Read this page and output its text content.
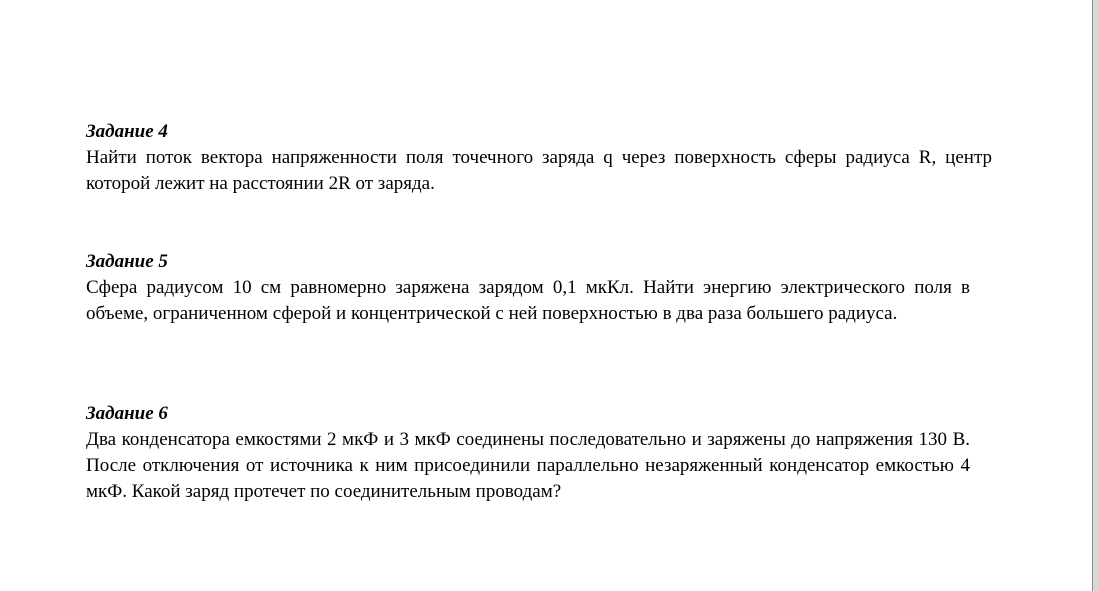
Задание 4
Найти поток вектора напряженности поля точечного заряда q через поверхность сферы радиуса R, центр которой лежит на расстоянии 2R от заряда.
Задание 5
Сфера радиусом 10 см равномерно заряжена зарядом 0,1 мкКл. Найти энергию электрического поля в объеме, ограниченном сферой и концентрической с ней поверхностью в два раза большего радиуса.
Задание 6
Два конденсатора емкостями 2 мкФ и 3 мкФ соединены последовательно и заряжены до напряжения 130 В. После отключения от источника к ним присоединили параллельно незаряженный конденсатор емкостью 4 мкФ. Какой заряд протечет по соединительным проводам?
